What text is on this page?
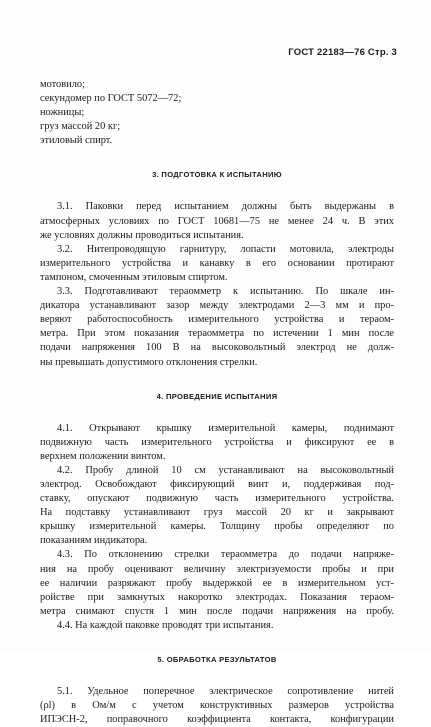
ГОСТ 22183—76 Стр. 3
мотовило;
секундомер по ГОСТ 5072—72;
ножницы;
груз массой 20 кг;
этиловый спирт.
3. ПОДГОТОВКА К ИСПЫТАНИЮ
3.1. Паковки перед испытанием должны быть выдержаны в
атмосферных условиях по ГОСТ 10681—75 не менее 24 ч. В этих
же условиях должны проводиться испытания.
3.2. Нитепроводящую гарнитуру, лопасти мотовила, электроды
измерительного устройства и канавку в его основании протирают
тампоном, смоченным этиловым спиртом.
3.3. Подготавливают тераомметр к испытанию. По шкале ин-
дикатора устанавливают зазор между электродами 2—3 мм и про-
веряют работоспособность измерительного устройства и тераом-
метра. При этом показания тераомметра по истечении 1 мин после
подачи напряжения 100 В на высоковольтный электрод не долж-
ны превышать допустимого отклонения стрелки.
4. ПРОВЕДЕНИЕ ИСПЫТАНИЯ
4.1. Открывают крышку измерительной камеры, поднимают
подвижную часть измерительного устройства и фиксируют ее в
верхнем положении винтом.
4.2. Пробу длиной 10 см устанавливают на высоковольтный
электрод. Освобождают фиксирующий винт и, поддерживая под-
ставку, опускают подвижную часть измерительного устройства.
На подставку устанавливают груз массой 20 кг и закрывают
крышку измерительной камеры. Толщину пробы определяют по
показаниям индикатора.
4.3. По отклонению стрелки тераомметра до подачи напряже-
ния на пробу оценивают величину электризуемости пробы и при
ее наличии разряжают пробу выдержкой ее в измерительном уст-
ройстве при замкнутых накоротко электродах. Показания тераом-
метра снимают спустя 1 мин после подачи напряжения на пробу.
4.4. На каждой паковке проводят три испытания.
5. ОБРАБОТКА РЕЗУЛЬТАТОВ
5.1. Удельное поперечное электрическое сопротивление нитей
(ρl) в Ом/м с учетом конструктивных размеров устройства
ИПЭСН-2, поправочного коэффициента контакта, конфигурации
